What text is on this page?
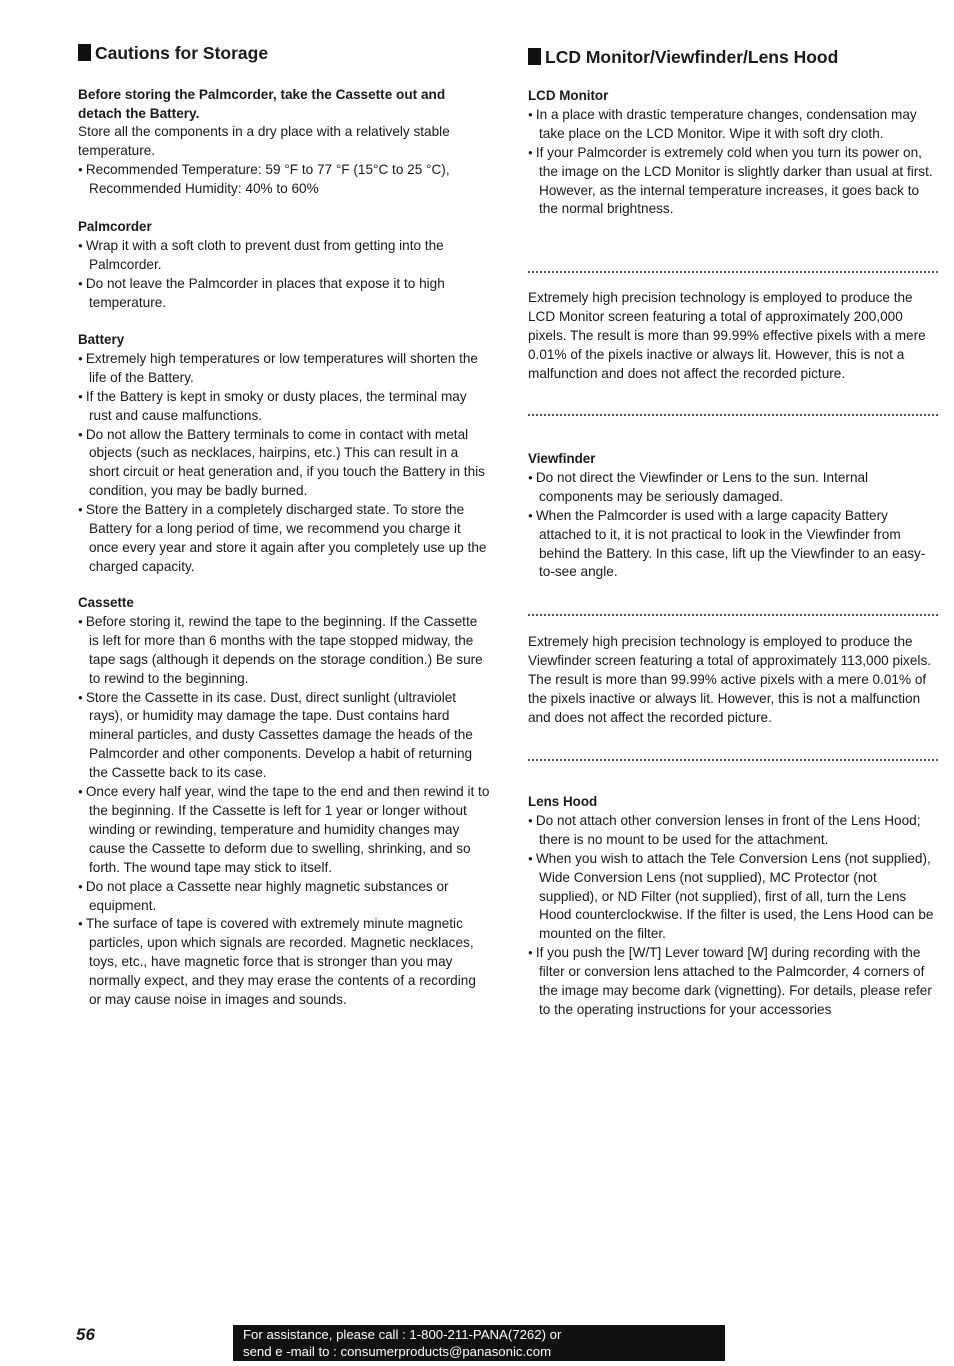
Cautions for Storage
Before storing the Palmcorder, take the Cassette out and detach the Battery.
Store all the components in a dry place with a relatively stable temperature.
● Recommended Temperature: 59 °F to 77 °F (15°C to 25 °C), Recommended Humidity: 40% to 60%
Palmcorder
● Wrap it with a soft cloth to prevent dust from getting into the Palmcorder.
● Do not leave the Palmcorder in places that expose it to high temperature.
Battery
● Extremely high temperatures or low temperatures will shorten the life of the Battery.
● If the Battery is kept in smoky or dusty places, the terminal may rust and cause malfunctions.
● Do not allow the Battery terminals to come in contact with metal objects (such as necklaces, hairpins, etc.) This can result in a short circuit or heat generation and, if you touch the Battery in this condition, you may be badly burned.
● Store the Battery in a completely discharged state. To store the Battery for a long period of time, we recommend you charge it once every year and store it again after you completely use up the charged capacity.
Cassette
● Before storing it, rewind the tape to the beginning. If the Cassette is left for more than 6 months with the tape stopped midway, the tape sags (although it depends on the storage condition.) Be sure to rewind to the beginning.
● Store the Cassette in its case. Dust, direct sunlight (ultraviolet rays), or humidity may damage the tape. Dust contains hard mineral particles, and dusty Cassettes damage the heads of the Palmcorder and other components. Develop a habit of returning the Cassette back to its case.
● Once every half year, wind the tape to the end and then rewind it to the beginning. If the Cassette is left for 1 year or longer without winding or rewinding, temperature and humidity changes may cause the Cassette to deform due to swelling, shrinking, and so forth. The wound tape may stick to itself.
● Do not place a Cassette near highly magnetic substances or equipment.
● The surface of tape is covered with extremely minute magnetic particles, upon which signals are recorded. Magnetic necklaces, toys, etc., have magnetic force that is stronger than you may normally expect, and they may erase the contents of a recording or may cause noise in images and sounds.
LCD Monitor/Viewfinder/Lens Hood
LCD Monitor
● In a place with drastic temperature changes, condensation may take place on the LCD Monitor. Wipe it with soft dry cloth.
● If your Palmcorder is extremely cold when you turn its power on, the image on the LCD Monitor is slightly darker than usual at first. However, as the internal temperature increases, it goes back to the normal brightness.
Extremely high precision technology is employed to produce the LCD Monitor screen featuring a total of approximately 200,000 pixels. The result is more than 99.99% effective pixels with a mere 0.01% of the pixels inactive or always lit. However, this is not a malfunction and does not affect the recorded picture.
Viewfinder
● Do not direct the Viewfinder or Lens to the sun. Internal components may be seriously damaged.
● When the Palmcorder is used with a large capacity Battery attached to it, it is not practical to look in the Viewfinder from behind the Battery. In this case, lift up the Viewfinder to an easy-to-see angle.
Extremely high precision technology is employed to produce the Viewfinder screen featuring a total of approximately 113,000 pixels. The result is more than 99.99% active pixels with a mere 0.01% of the pixels inactive or always lit. However, this is not a malfunction and does not affect the recorded picture.
Lens Hood
● Do not attach other conversion lenses in front of the Lens Hood; there is no mount to be used for the attachment.
● When you wish to attach the Tele Conversion Lens (not supplied), Wide Conversion Lens (not supplied), MC Protector (not supplied), or ND Filter (not supplied), first of all, turn the Lens Hood counterclockwise. If the filter is used, the Lens Hood can be mounted on the filter.
● If you push the [W/T] Lever toward [W] during recording with the filter or conversion lens attached to the Palmcorder, 4 corners of the image may become dark (vignetting). For details, please refer to the operating instructions for your accessories
56	For assistance, please call : 1-800-211-PANA(7262) or
send e -mail to : consumerproducts@panasonic.com
